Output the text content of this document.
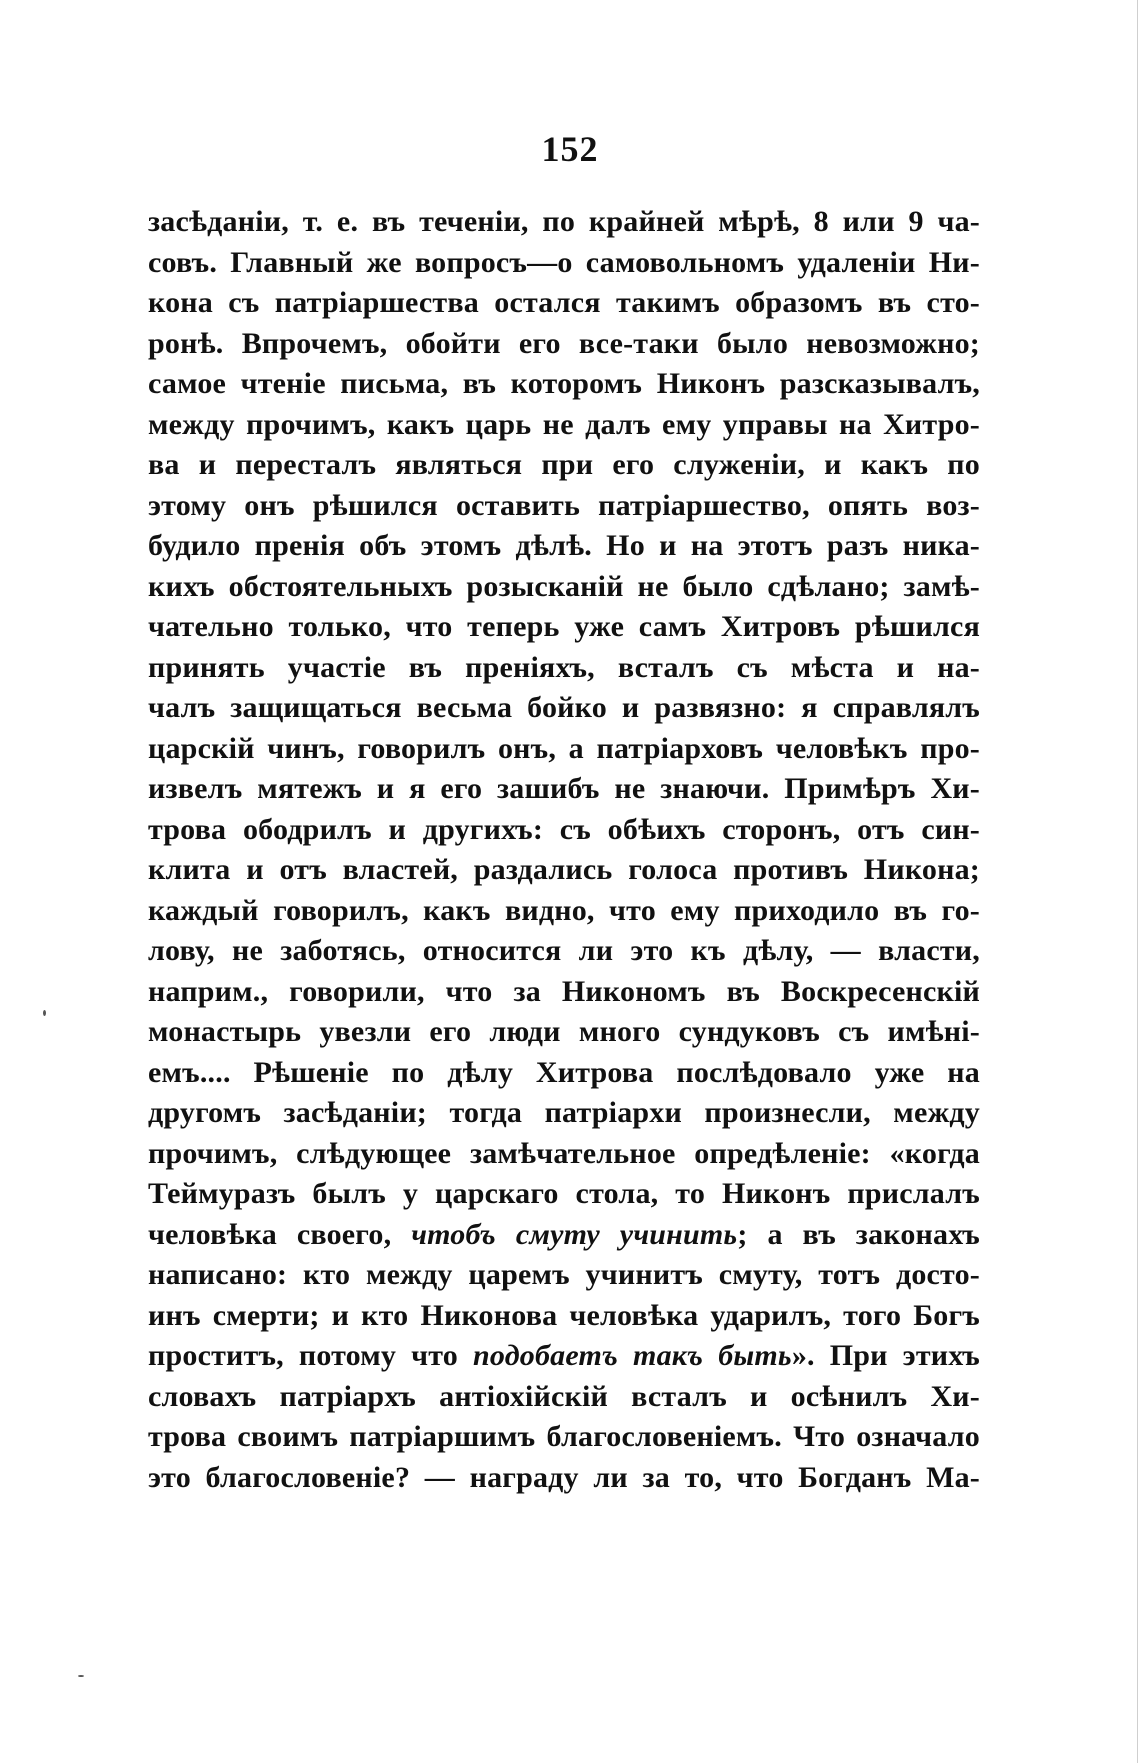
152
засѣданіи, т. е. въ теченіи, по крайней мѣрѣ, 8 или 9 ча-
совъ. Главный же вопросъ—о самовольномъ удаленіи Ни-
кона съ патріаршества остался такимъ образомъ въ сто-
ронѣ. Впрочемъ, обойти его все-таки было невозможно;
самое чтеніе письма, въ которомъ Никонъ разсказывалъ,
между прочимъ, какъ царь не далъ ему управы на Хитро-
ва и пересталъ являться при его служеніи, и какъ по
этому онъ рѣшился оставить патріаршество, опять воз-
будило пренія объ этомъ дѣлѣ. Но и на этотъ разъ ника-
кихъ обстоятельныхъ розысканій не было сдѣлано; замѣ-
чательно только, что теперь уже самъ Хитровъ рѣшился
принять участіе въ преніяхъ, всталъ съ мѣста и на-
чалъ защищаться весьма бойко и развязно: я справлялъ
царскій чинъ, говорилъ онъ, а патріарховъ человѣкъ про-
извелъ мятежъ и я его зашибъ не знаючи. Примѣръ Хи-
трова ободрилъ и другихъ: съ обѣихъ сторонъ, отъ син-
клита и отъ властей, раздались голоса противъ Никона;
каждый говорилъ, какъ видно, что ему приходило въ го-
лову, не заботясь, относится ли это къ дѣлу, — власти,
наприм., говорили, что за Никономъ въ Воскресенскій
монастырь увезли его люди много сундуковъ съ имѣні-
емъ.... Рѣшеніе по дѣлу Хитрова послѣдовало уже на
другомъ засѣданіи; тогда патріархи произнесли, между
прочимъ, слѣдующее замѣчательное опредѣленіе: «когда
Теймуразъ былъ у царскаго стола, то Никонъ прислалъ
человѣка своего, чтобъ смуту учинить; а въ законахъ
написано: кто между царемъ учинитъ смуту, тотъ досто-
инъ смерти; и кто Никонова человѣка ударилъ, того Богъ
проститъ, потому что подобаетъ такъ быть». При этихъ
словахъ патріархъ антіохійскій всталъ и осѣнилъ Хи-
трова своимъ патріаршимъ благословеніемъ. Что означало
это благословеніе? — награду ли за то, что Богданъ Ма-
